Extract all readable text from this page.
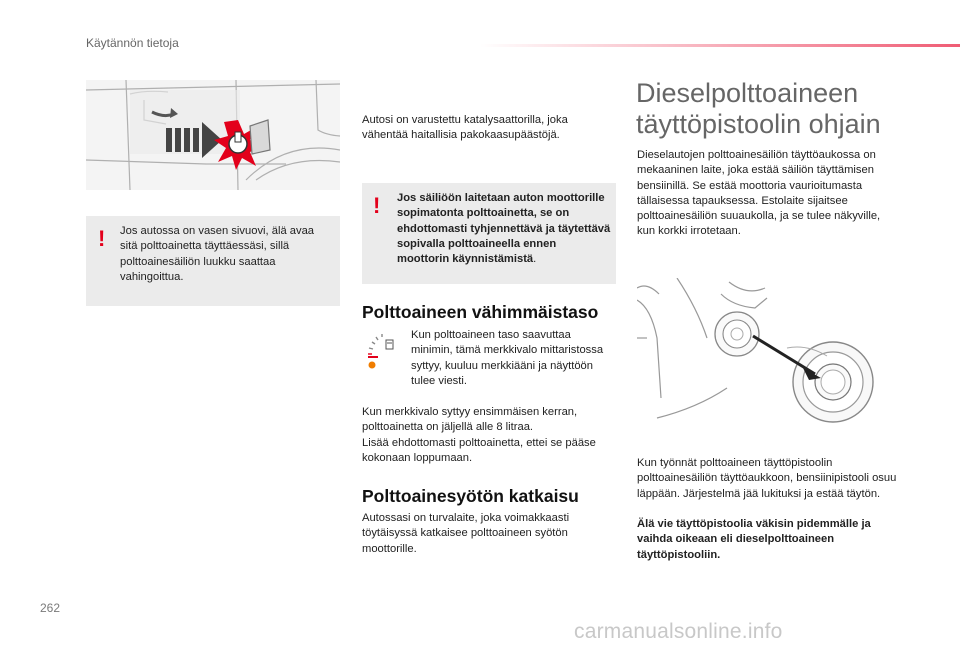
Käytännön tietoja
! Jos autossa on vasen sivuovi, älä avaa sitä polttoainetta täyttäessäsi, sillä polttoainesäiliön luukku saattaa vahingoittua.
Autosi on varustettu katalysaattorilla, joka vähentää haitallisia pakokaasupäästöjä.
! Jos säiliöön laitetaan auton moottorille sopimatonta polttoainetta, se on ehdottomasti tyhjennettävä ja täytettävä sopivalla polttoaineella ennen moottorin käynnistämistä.
Polttoaineen vähimmäistaso
Kun polttoaineen taso saavuttaa minimin, tämä merkkivalo mittaristossa syttyy, kuuluu merkkiääni ja näyttöön tulee viesti.
Kun merkkivalo syttyy ensimmäisen kerran, polttoainetta on jäljellä alle 8 litraa.
Lisää ehdottomasti polttoainetta, ettei se pääse kokonaan loppumaan.
Polttoainesyötön katkaisu
Autossasi on turvalaite, joka voimakkaasti töytäisyssä katkaisee polttoaineen syötön moottorille.
Dieselpolttoaineen
täyttöpistoolin ohjain
Dieselautojen polttoainesäiliön täyttöaukossa on mekaaninen laite, joka estää säiliön täyttämisen bensiinillä. Se estää moottoria vaurioitumasta tällaisessa tapauksessa. Estolaite sijaitsee polttoainesäiliön suuaukolla, ja se tulee näkyville, kun korkki irrotetaan.
Kun työnnät polttoaineen täyttöpistoolin polttoainesäiliön täyttöaukkoon, bensiinipistooli osuu läppään. Järjestelmä jää lukituksi ja estää täytön.
Älä vie täyttöpistoolia väkisin pidemmälle ja vaihda oikeaan eli dieselpolttoaineen täyttöpistooliin.
262
carmanualsonline.info
